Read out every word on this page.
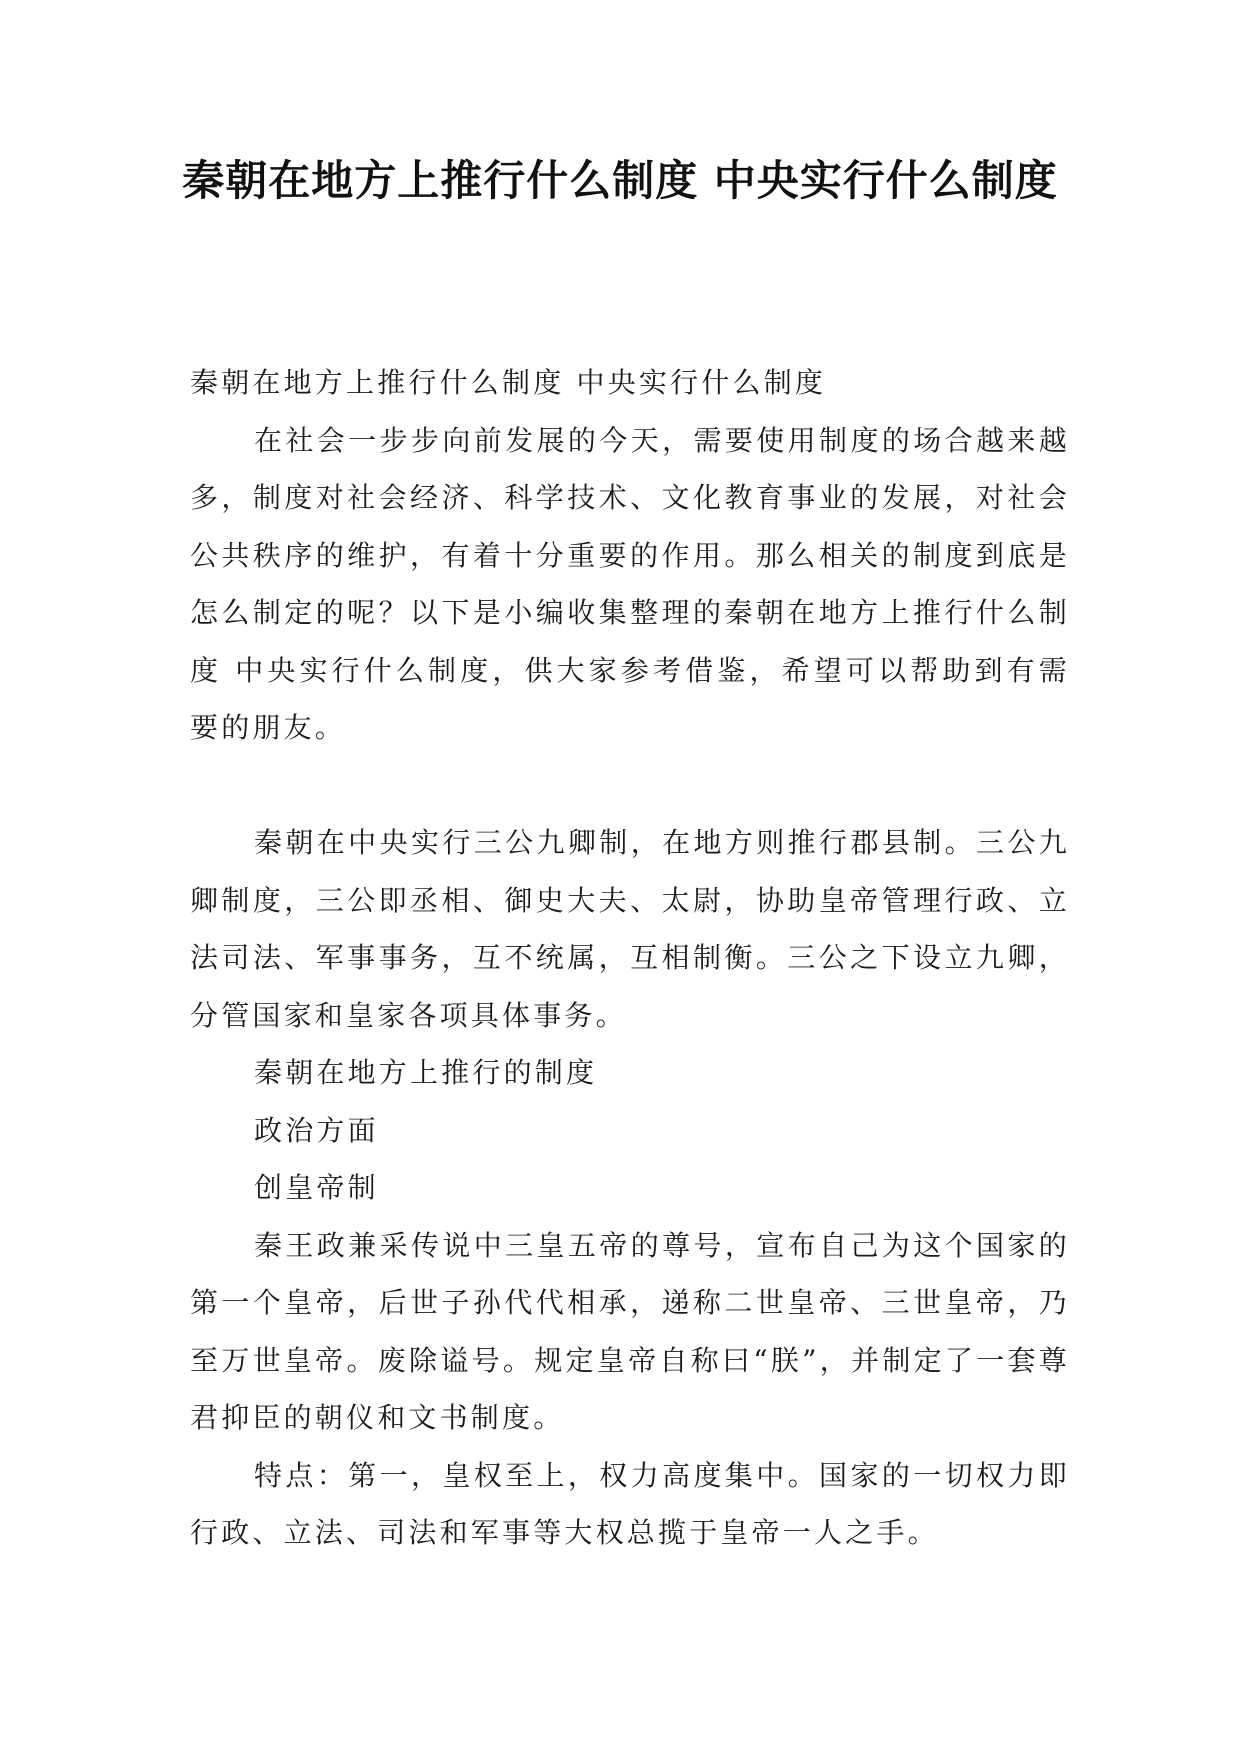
秦朝在地方上推行什么制度 中央实行什么制度

秦朝在地方上推行什么制度 中央实行什么制度

在社会一步步向前发展的今天，需要使用制度的场合越来越多，制度对社会经济、科学技术、文化教育事业的发展，对社会公共秩序的维护，有着十分重要的作用。那么相关的制度到底是怎么制定的呢？以下是小编收集整理的秦朝在地方上推行什么制度 中央实行什么制度，供大家参考借鉴，希望可以帮助到有需要的朋友。

秦朝在中央实行三公九卿制，在地方则推行郡县制。三公九卿制度，三公即丞相、御史大夫、太尉，协助皇帝管理行政、立法司法、军事事务，互不统属，互相制衡。三公之下设立九卿，分管国家和皇家各项具体事务。

秦朝在地方上推行的制度

政治方面

创皇帝制

秦王政兼采传说中三皇五帝的尊号，宣布自己为这个国家的第一个皇帝，后世子孙代代相承，递称二世皇帝、三世皇帝，乃至万世皇帝。废除谥号。规定皇帝自称曰“朕”，并制定了一套尊君抑臣的朝仪和文书制度。

特点：第一，皇权至上，权力高度集中。国家的一切权力即行政、立法、司法和军事等大权总揽于皇帝一人之手。
